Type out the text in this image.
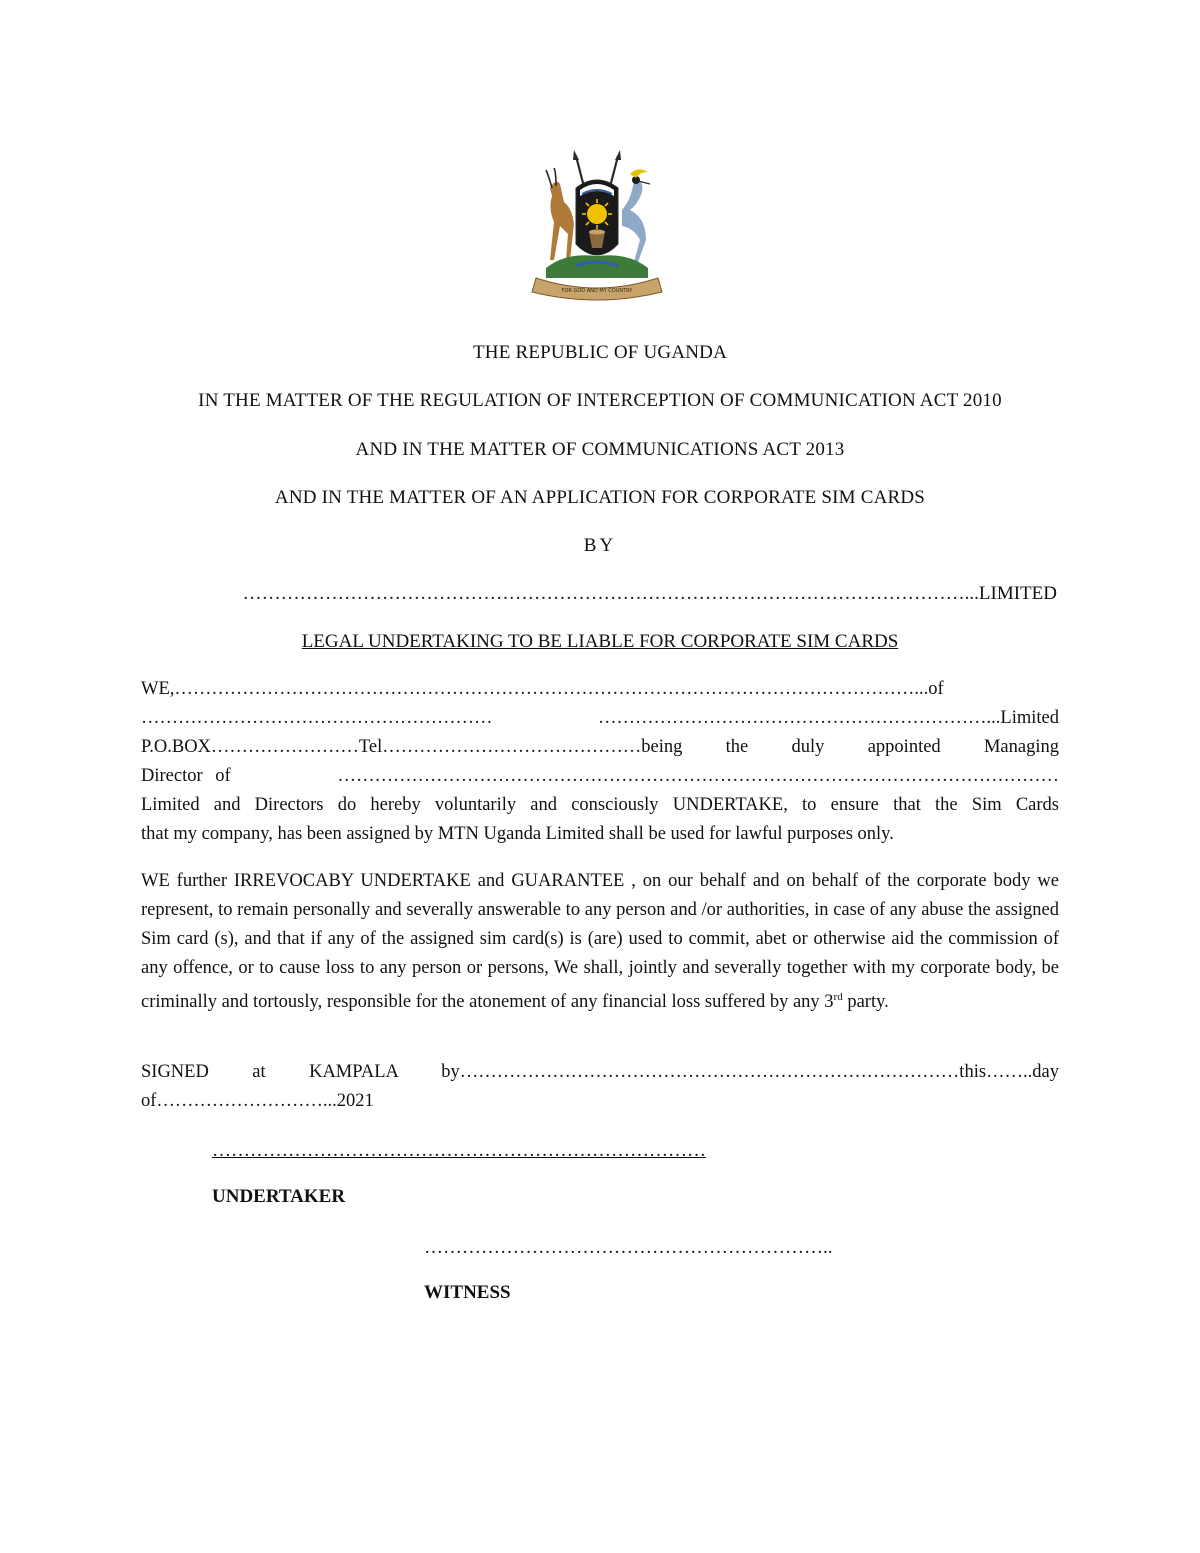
FOR GOD AND MY COUNTRY
THE REPUBLIC OF UGANDA
IN THE MATTER OF THE REGULATION OF INTERCEPTION OF COMMUNICATION ACT 2010
AND IN THE MATTER OF COMMUNICATIONS ACT 2013
AND IN THE MATTER OF AN APPLICATION FOR CORPORATE SIM CARDS
BY
……………………………………………………………………………………………………...LIMITED
LEGAL UNDERTAKING TO BE LIABLE FOR CORPORATE SIM CARDS
WE,…………………………………………………………………………………………………………...of
…………………………………………………	………………………………………………………...Limited
P.O.BOX……………………Tel……………………………………being the duly appointed Managing
Director of	………………………………………………………………………………………………………
Limited and Directors do hereby voluntarily and consciously UNDERTAKE, to ensure that the Sim Cards
that my company, has been assigned by MTN Uganda Limited shall be used for lawful purposes only.
WE further IRREVOCABY UNDERTAKE and GUARANTEE , on our behalf and on behalf of the corporate body we represent, to remain personally and severally answerable to any person and /or authorities, in case of any abuse the assigned Sim card (s), and that if any of the assigned sim card(s) is (are) used to commit, abet or otherwise aid the commission of any offence, or to cause loss to any person or persons, We shall, jointly and severally together with my corporate body, be criminally and tortously, responsible for the atonement of any financial loss suffered by any 3rd party.
SIGNED at KAMPALA by………………………………………………………………………this……..day
of………………………...2021
……………………………………………………………………
UNDERTAKER
………………………………………………………..
WITNESS
